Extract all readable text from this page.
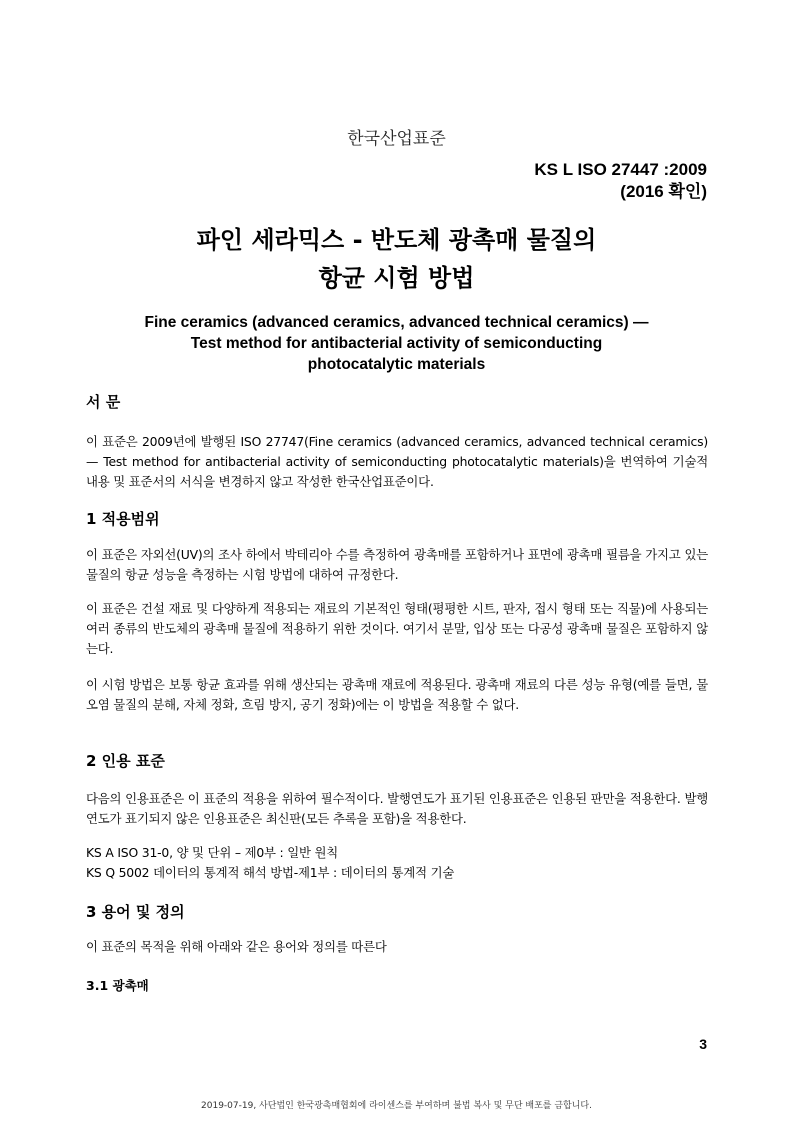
한국산업표준
KS L ISO 27447 :2009
(2016 확인)
파인 세라믹스 - 반도체 광촉매 물질의
항균 시험 방법
Fine ceramics (advanced ceramics, advanced technical ceramics) —
Test method for antibacterial activity of semiconducting
photocatalytic materials

서 문

이 표준은 2009년에 발행된 ISO 27747(Fine ceramics (advanced ceramics, advanced technical ceramics) — Test method for antibacterial activity of semiconducting photocatalytic materials)을 번역하여 기술적 내용 및 표준서의 서식을 변경하지 않고 작성한 한국산업표준이다.

1 적용범위

이 표준은 자외선(UV)의 조사 하에서 박테리아 수를 측정하여 광촉매를 포함하거나 표면에 광촉매 필름을 가지고 있는 물질의 항균 성능을 측정하는 시험 방법에 대하여 규정한다.

이 표준은 건설 재료 및 다양하게 적용되는 재료의 기본적인 형태(평평한 시트, 판자, 접시 형태 또는 직물)에 사용되는 여러 종류의 반도체의 광촉매 물질에 적용하기 위한 것이다. 여기서 분말, 입상 또는 다공성 광촉매 물질은 포함하지 않는다.

이 시험 방법은 보통 항균 효과를 위해 생산되는 광촉매 재료에 적용된다. 광촉매 재료의 다른 성능 유형(예를 들면, 물 오염 물질의 분해, 자체 정화, 흐림 방지, 공기 정화)에는 이 방법을 적용할 수 없다.

2 인용 표준

다음의 인용표준은 이 표준의 적용을 위하여 필수적이다. 발행연도가 표기된 인용표준은 인용된 판만을 적용한다. 발행연도가 표기되지 않은 인용표준은 최신판(모든 추록을 포함)을 적용한다.

KS A ISO 31-0, 양 및 단위 – 제0부 : 일반 원칙

KS Q 5002 데이터의 통계적 해석 방법-제1부 : 데이터의 통계적 기술

3 용어 및 정의

이 표준의 목적을 위해 아래와 같은 용어와 정의를 따른다

3.1 광촉매
3
2019-07-19, 사단법인 한국광촉매협회에 라이센스를 부여하며 불법 복사 및 무단 배포를 금합니다.
